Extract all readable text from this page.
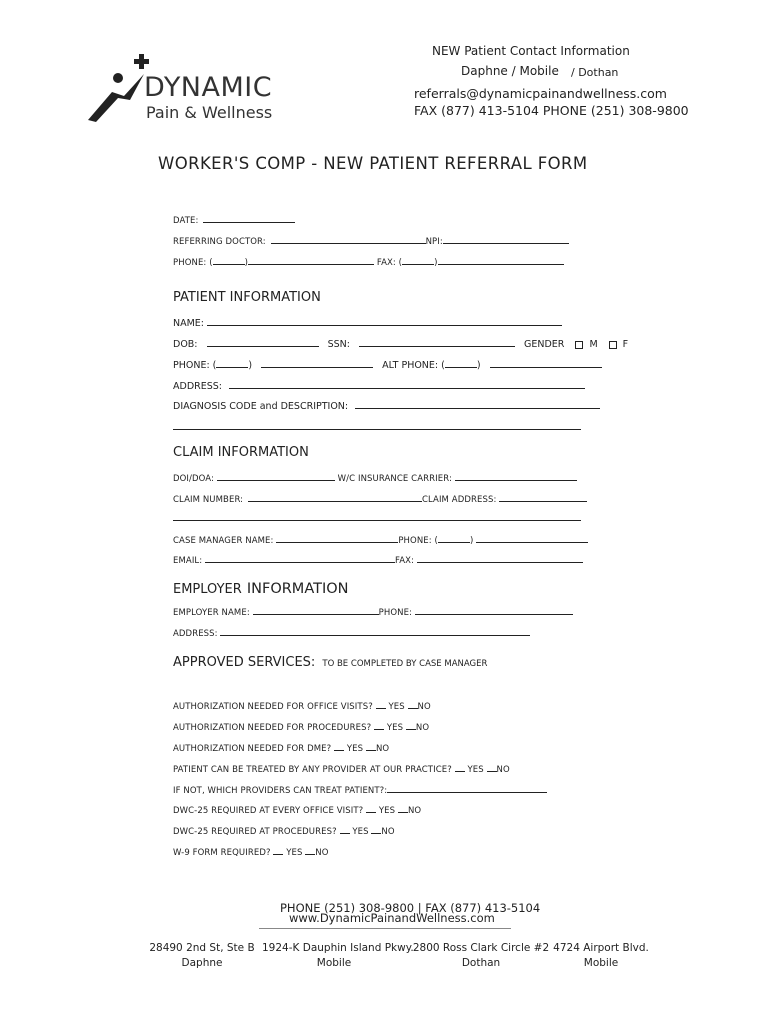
DYNAMIC
Pain & Wellness
NEW Patient Contact Information
Daphne / Mobile / Dothan
referrals@dynamicpainandwellness.com
FAX (877) 413-5104 PHONE (251) 308-9800
WORKER'S COMP - NEW PATIENT REFERRAL FORM
DATE:
REFERRING DOCTOR:	NPI:
PHONE: (	)	FAX: (	)
PATIENT INFORMATION
NAME:
DOB:	SSN:	GENDER	M	F
PHONE: (	)	ALT PHONE: (	)
ADDRESS:
DIAGNOSIS CODE and DESCRIPTION:
CLAIM INFORMATION
DOI/DOA:	W/C INSURANCE CARRIER:
CLAIM NUMBER:	CLAIM ADDRESS:
CASE MANAGER NAME:	PHONE: (	)
EMAIL:	FAX:
EMPLOYER INFORMATION
EMPLOYER NAME:	PHONE:
ADDRESS:
APPROVED SERVICES: TO BE COMPLETED BY CASE MANAGER
AUTHORIZATION NEEDED FOR OFFICE VISITS? YES NO
AUTHORIZATION NEEDED FOR PROCEDURES? YES NO
AUTHORIZATION NEEDED FOR DME? YES NO
PATIENT CAN BE TREATED BY ANY PROVIDER AT OUR PRACTICE? YES NO
IF NOT, WHICH PROVIDERS CAN TREAT PATIENT?:
DWC-25 REQUIRED AT EVERY OFFICE VISIT? YES NO
DWC-25 REQUIRED AT PROCEDURES? YES NO
W-9 FORM REQUIRED? YES NO
PHONE (251) 308-9800 | FAX (877) 413-5104
www.DynamicPainandWellness.com
28490 2nd St, Ste B
Daphne
1924-K Dauphin Island Pkwy.
Mobile
2800 Ross Clark Circle #2
Dothan
4724 Airport Blvd.
Mobile
